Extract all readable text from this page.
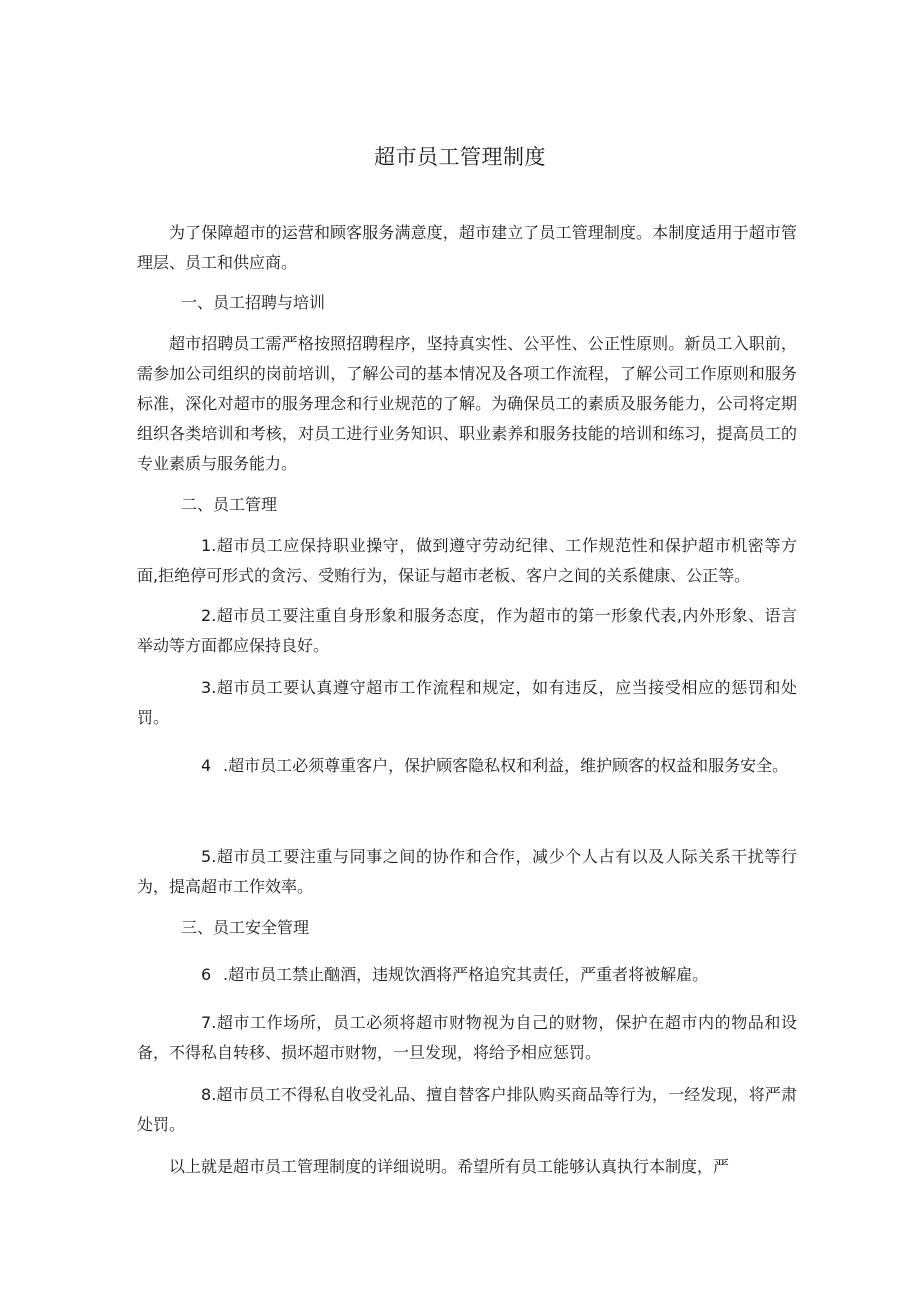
超市员工管理制度

为了保障超市的运营和顾客服务满意度，超市建立了员工管理制度。本制度适用于超市管理层、员工和供应商。

一、员工招聘与培训

超市招聘员工需严格按照招聘程序，坚持真实性、公平性、公正性原则。新员工入职前，需参加公司组织的岗前培训，了解公司的基本情况及各项工作流程，了解公司工作原则和服务标准，深化对超市的服务理念和行业规范的了解。为确保员工的素质及服务能力，公司将定期组织各类培训和考核，对员工进行业务知识、职业素养和服务技能的培训和练习，提高员工的专业素质与服务能力。

二、员工管理

1.超市员工应保持职业操守，做到遵守劳动纪律、工作规范性和保护超市机密等方面,拒绝停可形式的贪污、受贿行为，保证与超市老板、客户之间的关系健康、公正等。

2.超市员工要注重自身形象和服务态度，作为超市的第一形象代表,内外形象、语言举动等方面都应保持良好。

3.超市员工要认真遵守超市工作流程和规定，如有违反，应当接受相应的惩罚和处罚。

4 .超市员工必须尊重客户，保护顾客隐私权和利益，维护顾客的权益和服务安全。

5.超市员工要注重与同事之间的协作和合作，减少个人占有以及人际关系干扰等行为，提高超市工作效率。

三、员工安全管理

6 .超市员工禁止酗酒，违规饮酒将严格追究其责任，严重者将被解雇。

7.超市工作场所，员工必须将超市财物视为自己的财物，保护在超市内的物品和设备，不得私自转移、损坏超市财物，一旦发现，将给予相应惩罚。

8.超市员工不得私自收受礼品、擅自替客户排队购买商品等行为，一经发现，将严肃处罚。

以上就是超市员工管理制度的详细说明。希望所有员工能够认真执行本制度，严
